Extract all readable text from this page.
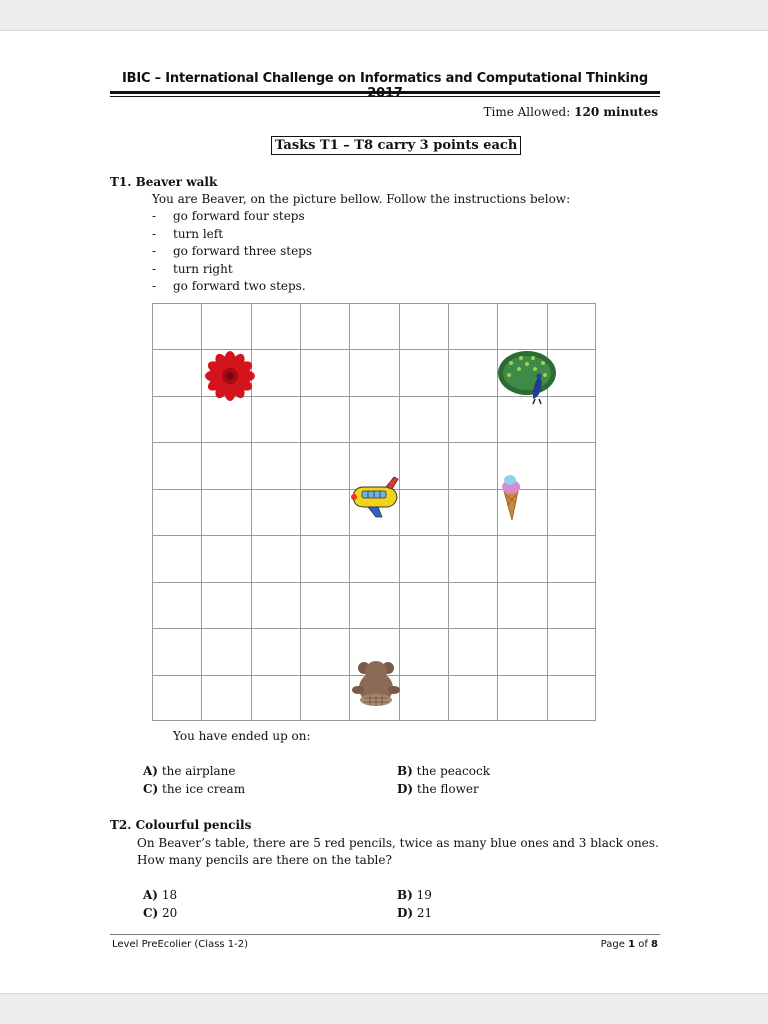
IBIC – International Challenge on Informatics and Computational Thinking
Time Allowed: 120 minutes
Tasks T1 – T8 carry 3 points each
T1. Beaver walk
You are Beaver, on the picture bellow. Follow the instructions below:
- go forward four steps
- turn left
- go forward three steps
- turn right
- go forward two steps.
You have ended up on:
A) the airplane	B) the peacock
C) the ice cream	D) the flower
T2. Colourful pencils
On Beaver’s table, there are 5 red pencils, twice as many blue ones and 3 black ones.
How many pencils are there on the table?
A) 18	B) 19
C) 20	D) 21
Level PreEcolier (Class 1-2)	Page 1 of 8
